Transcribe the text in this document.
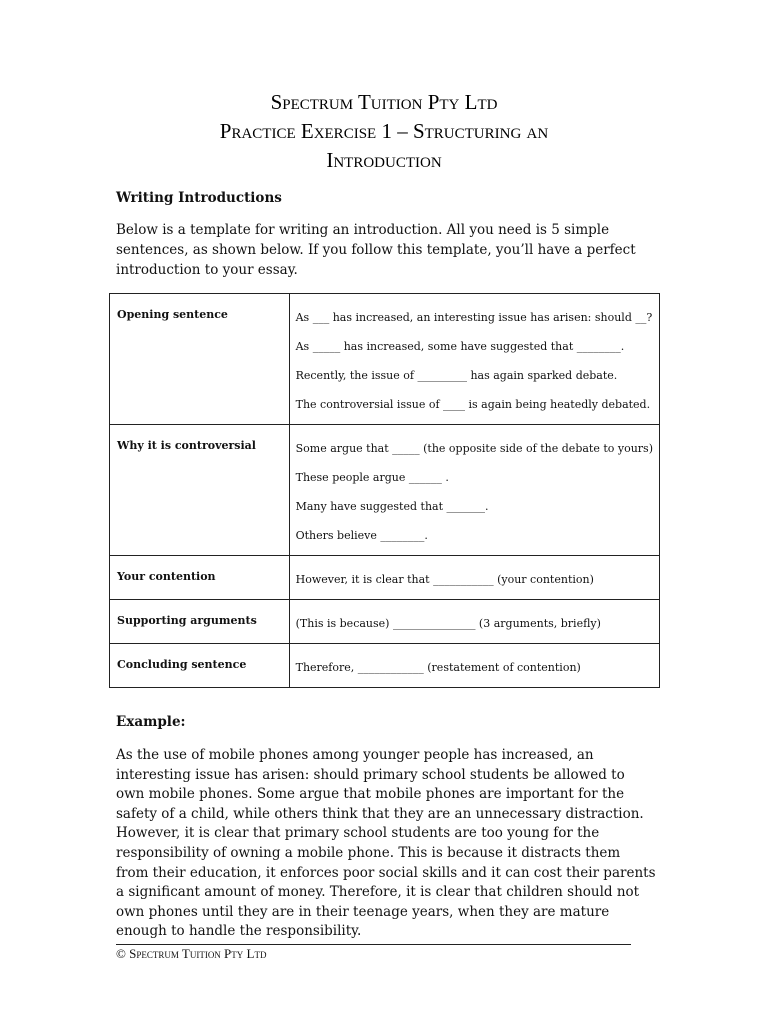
Spectrum Tuition Pty Ltd
Practice Exercise 1 – Structuring an
Introduction
Writing Introductions
Below is a template for writing an introduction. All you need is 5 simple sentences, as shown below. If you follow this template, you’ll have a perfect introduction to your essay.
Opening sentence	As ___ has increased, an interesting issue has arisen: should __?
As _____ has increased, some have suggested that ________.
Recently, the issue of _________ has again sparked debate.
The controversial issue of ____ is again being heatedly debated.

Why it is controversial	Some argue that _____ (the opposite side of the debate to yours)
These people argue ______ .
Many have suggested that _______.
Others believe ________.

Your contention	However, it is clear that ___________ (your contention)

Supporting arguments	(This is because) _______________ (3 arguments, briefly)

Concluding sentence	Therefore, ____________ (restatement of contention)
Example:
As the use of mobile phones among younger people has increased, an interesting issue has arisen: should primary school students be allowed to own mobile phones. Some argue that mobile phones are important for the safety of a child, while others think that they are an unnecessary distraction. However, it is clear that primary school students are too young for the responsibility of owning a mobile phone. This is because it distracts them from their education, it enforces poor social skills and it can cost their parents a significant amount of money. Therefore, it is clear that children should not own phones until they are in their teenage years, when they are mature enough to handle the responsibility.
© Spectrum Tuition Pty Ltd
